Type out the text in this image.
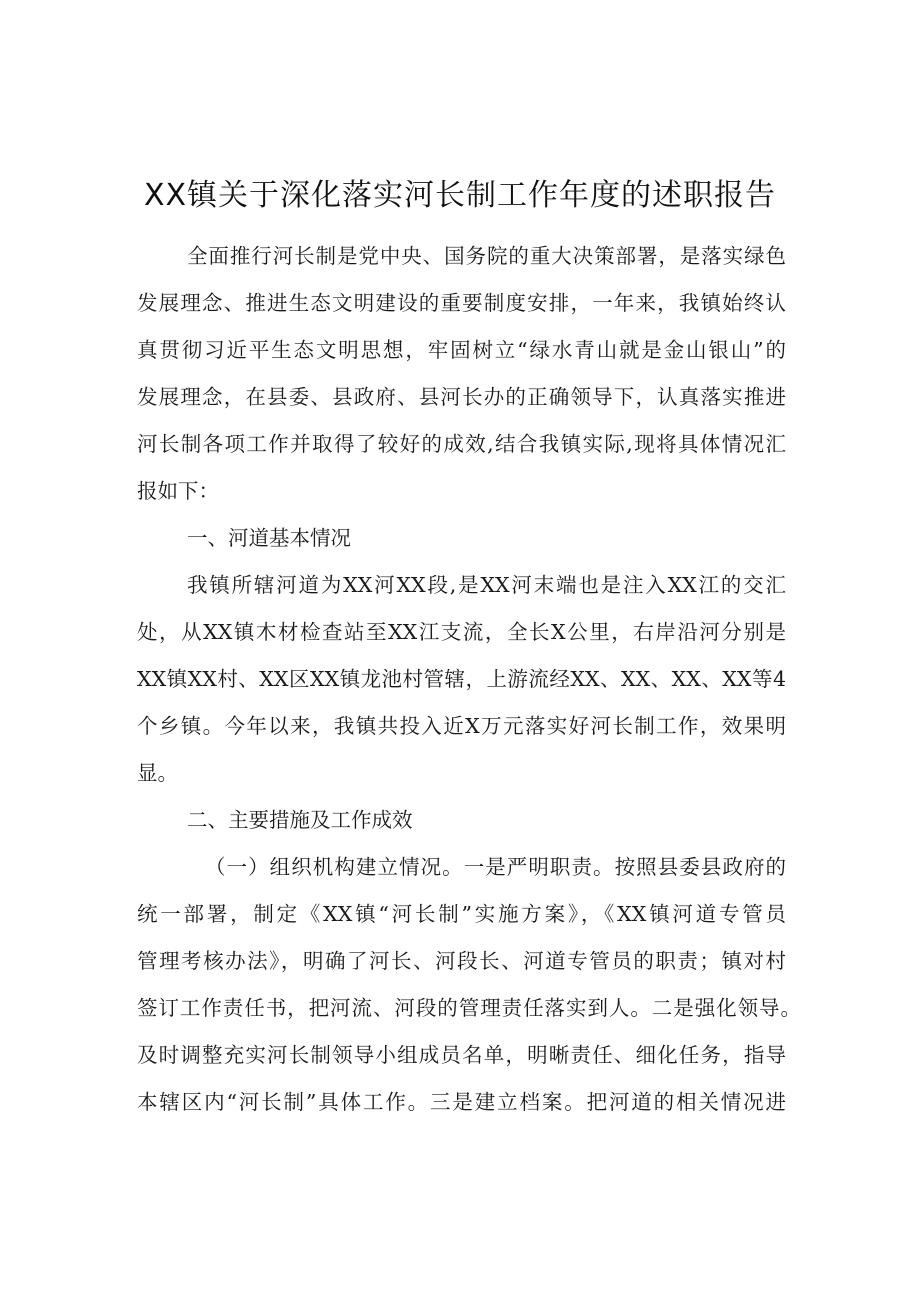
XX镇关于深化落实河长制工作年度的述职报告

全面推行河长制是党中央、国务院的重大决策部署，是落实绿色

发展理念、推进生态文明建设的重要制度安排，一年来，我镇始终认

真贯彻习近平生态文明思想，牢固树立“绿水青山就是金山银山”的

发展理念，在县委、县政府、县河长办的正确领导下，认真落实推进

河长制各项工作并取得了较好的成效,结合我镇实际,现将具体情况汇

报如下：

一、河道基本情况

我镇所辖河道为XX河XX段,是XX河末端也是注入XX江的交汇

处，从XX镇木材检查站至XX江支流，全长X公里，右岸沿河分别是

XX镇XX村、XX区XX镇龙池村管辖，上游流经XX、XX、XX、XX等4

个乡镇。今年以来，我镇共投入近X万元落实好河长制工作，效果明

显。

二、主要措施及工作成效

（一）组织机构建立情况。一是严明职责。按照县委县政府的

统一部署，制定《XX镇“河长制”实施方案》，《XX镇河道专管员

管理考核办法》，明确了河长、河段长、河道专管员的职责；镇对村

签订工作责任书，把河流、河段的管理责任落实到人。二是强化领导。

及时调整充实河长制领导小组成员名单，明晰责任、细化任务，指导

本辖区内“河长制”具体工作。三是建立档案。把河道的相关情况进
